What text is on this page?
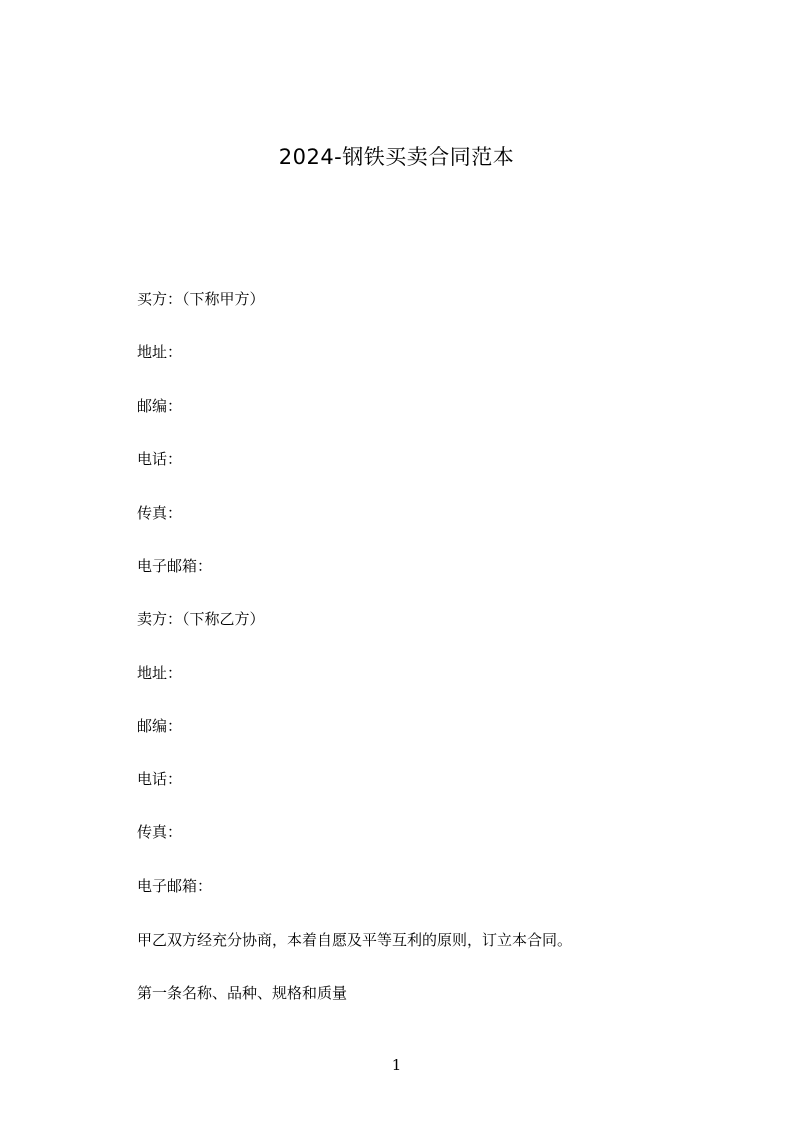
2024-钢铁买卖合同范本
买方：（下称甲方）
地址：
邮编：
电话：
传真：
电子邮箱：
卖方：（下称乙方）
地址：
邮编：
电话：
传真：
电子邮箱：
甲乙双方经充分协商，本着自愿及平等互利的原则，订立本合同。
第一条名称、品种、规格和质量
1
